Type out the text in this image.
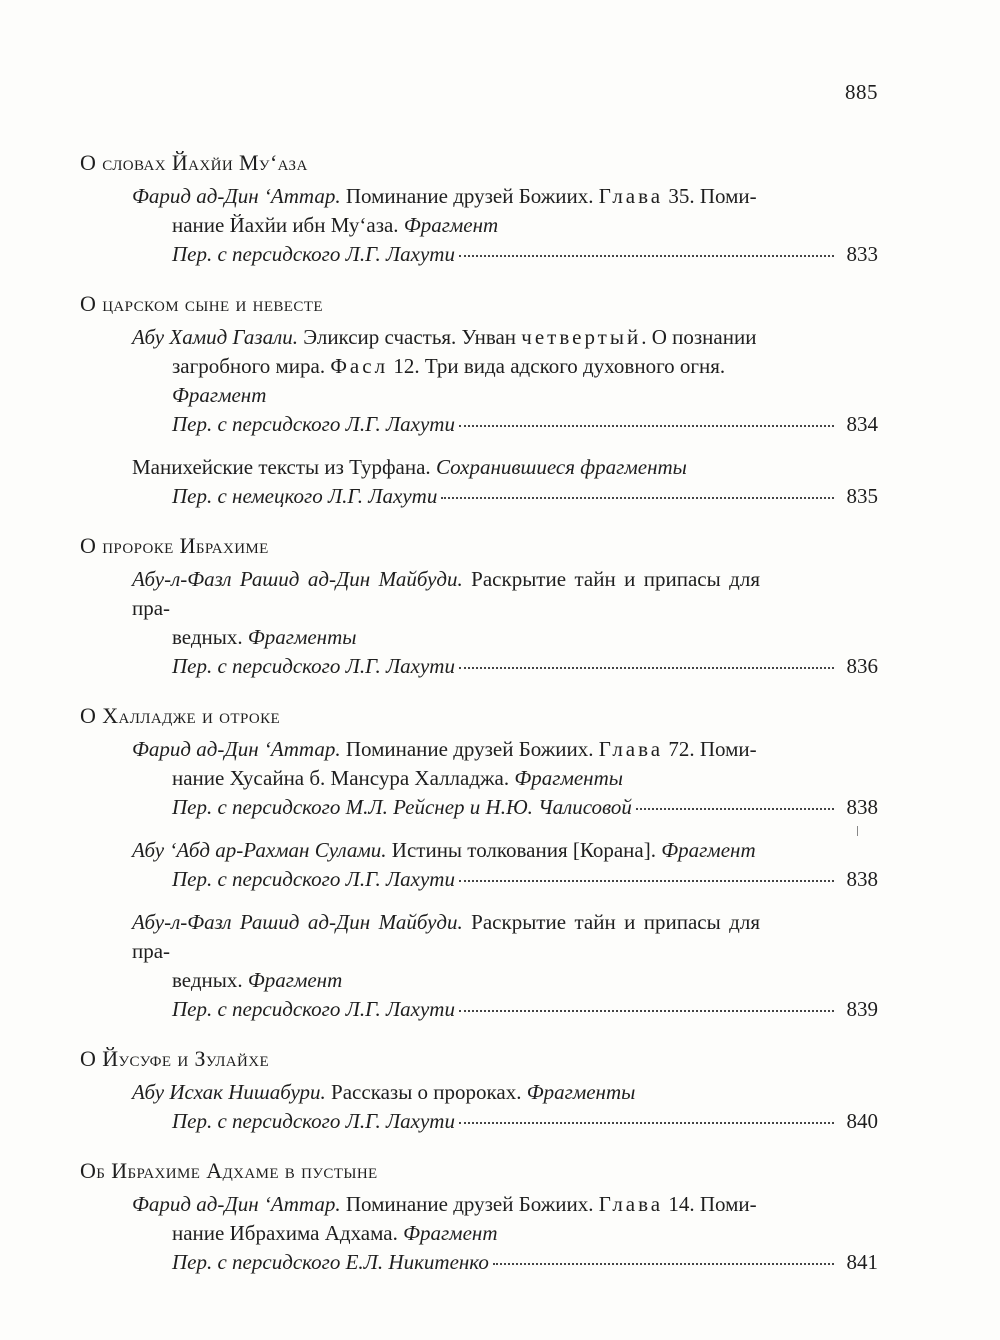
885
О словах Йахйи Му‘аза
Фарид ад-Дин ‘Аттар. Поминание друзей Божиих. Глава 35. Поми-
нание Йахйи ибн Му‘аза. Фрагмент
Пер. с персидского Л.Г. Лахути	833
О царском сыне и невесте
Абу Хамид Газали. Эликсир счастья. Унван четвертый. О познании
загробного мира. Фасл 12. Три вида адского духовного огня.
Фрагмент
Пер. с персидского Л.Г. Лахути	834
Манихейские тексты из Турфана. Сохранившиеся фрагменты
Пер. с немецкого Л.Г. Лахути	835
О пророке Ибрахиме
Абу-л-Фазл Рашид ад-Дин Майбуди. Раскрытие тайн и припасы для пра-
ведных. Фрагменты
Пер. с персидского Л.Г. Лахути	836
О Халладже и отроке
Фарид ад-Дин ‘Аттар. Поминание друзей Божиих. Глава 72. Поми-
нание Хусайна б. Мансура Халладжа. Фрагменты
Пер. с персидского М.Л. Рейснер и Н.Ю. Чалисовой	838
Абу ‘Абд ар-Рахман Сулами. Истины толкования [Корана]. Фрагмент
Пер. с персидского Л.Г. Лахути	838
Абу-л-Фазл Рашид ад-Дин Майбуди. Раскрытие тайн и припасы для пра-
ведных. Фрагмент
Пер. с персидского Л.Г. Лахути	839
О Йусуфе и Зулайхе
Абу Исхак Нишабури. Рассказы о пророках. Фрагменты
Пер. с персидского Л.Г. Лахути	840
Об Ибрахиме Адхаме в пустыне
Фарид ад-Дин ‘Аттар. Поминание друзей Божиих. Глава 14. Поми-
нание Ибрахима Адхама. Фрагмент
Пер. с персидского Е.Л. Никитенко	841
